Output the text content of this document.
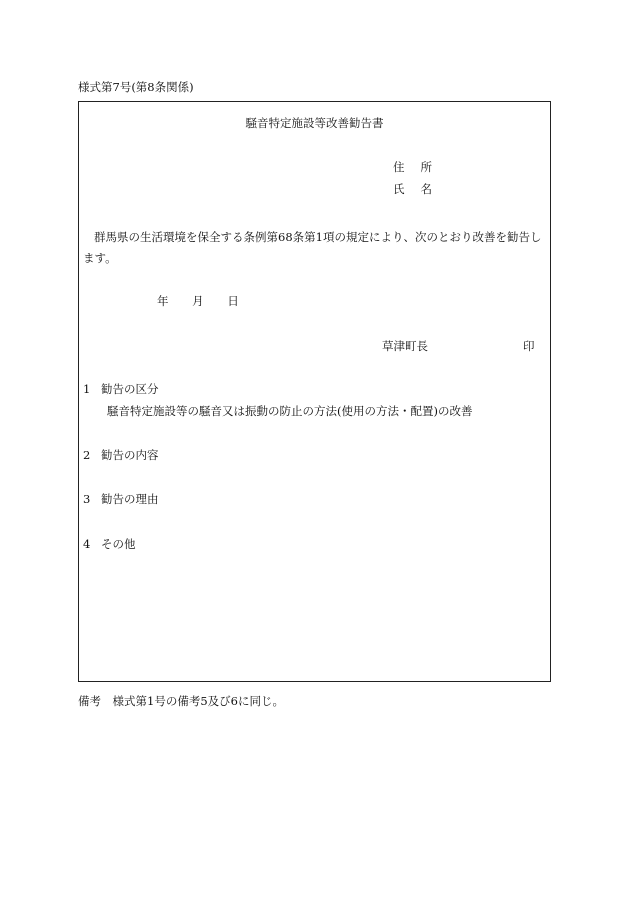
様式第7号(第8条関係)
騒音特定施設等改善勧告書
住 所
氏 名
群馬県の生活環境を保全する条例第68条第1項の規定により、次のとおり改善を勧告します。
年 月 日
草津町長	印
1 勧告の区分
騒音特定施設等の騒音又は振動の防止の方法(使用の方法・配置)の改善
2 勧告の内容
3 勧告の理由
4 その他
備考　様式第1号の備考5及び6に同じ。
